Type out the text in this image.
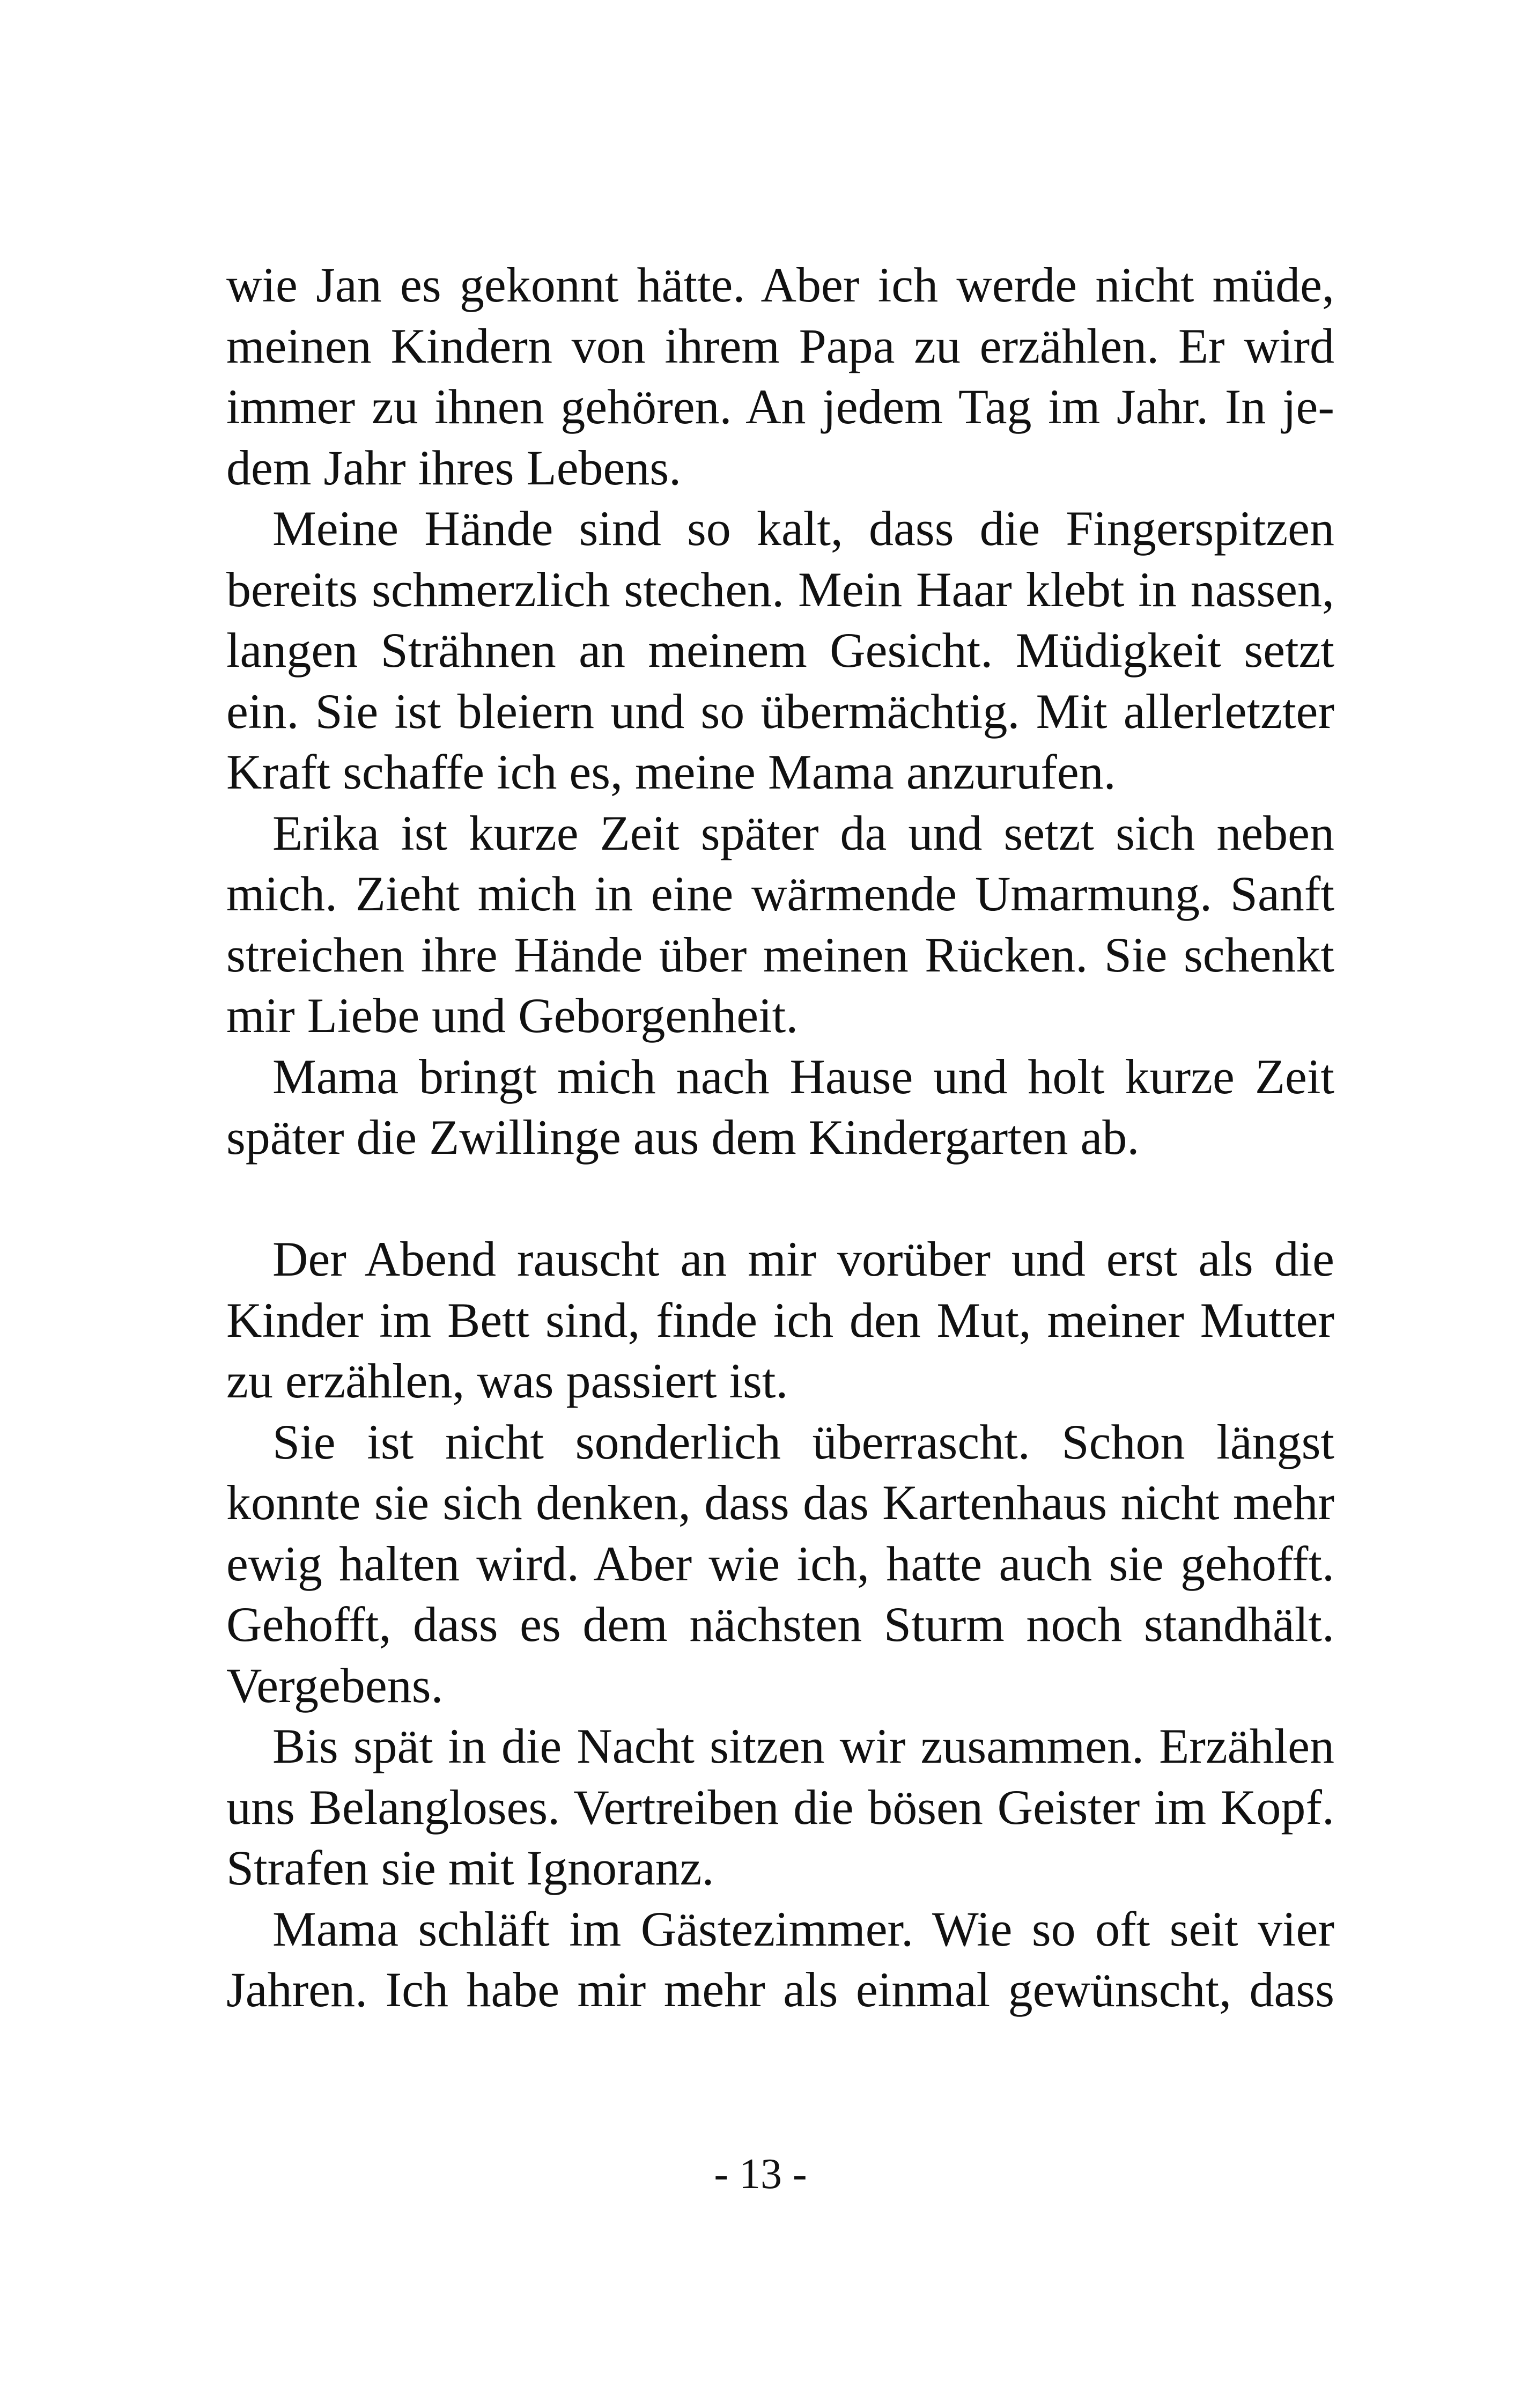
wie Jan es gekonnt hätte. Aber ich werde nicht müde,
meinen Kindern von ihrem Papa zu erzählen. Er wird
immer zu ihnen gehören. An jedem Tag im Jahr. In je-
dem Jahr ihres Lebens.
Meine Hände sind so kalt, dass die Fingerspitzen
bereits schmerzlich stechen. Mein Haar klebt in nassen,
langen Strähnen an meinem Gesicht. Müdigkeit setzt
ein. Sie ist bleiern und so übermächtig. Mit allerletzter
Kraft schaffe ich es, meine Mama anzurufen.
Erika ist kurze Zeit später da und setzt sich neben
mich. Zieht mich in eine wärmende Umarmung. Sanft
streichen ihre Hände über meinen Rücken. Sie schenkt
mir Liebe und Geborgenheit.
Mama bringt mich nach Hause und holt kurze Zeit
später die Zwillinge aus dem Kindergarten ab.
Der Abend rauscht an mir vorüber und erst als die
Kinder im Bett sind, finde ich den Mut, meiner Mutter
zu erzählen, was passiert ist.
Sie ist nicht sonderlich überrascht. Schon längst
konnte sie sich denken, dass das Kartenhaus nicht mehr
ewig halten wird. Aber wie ich, hatte auch sie gehofft.
Gehofft, dass es dem nächsten Sturm noch standhält.
Vergebens.
Bis spät in die Nacht sitzen wir zusammen. Erzählen
uns Belangloses. Vertreiben die bösen Geister im Kopf.
Strafen sie mit Ignoranz.
Mama schläft im Gästezimmer. Wie so oft seit vier
Jahren. Ich habe mir mehr als einmal gewünscht, dass
- 13 -
